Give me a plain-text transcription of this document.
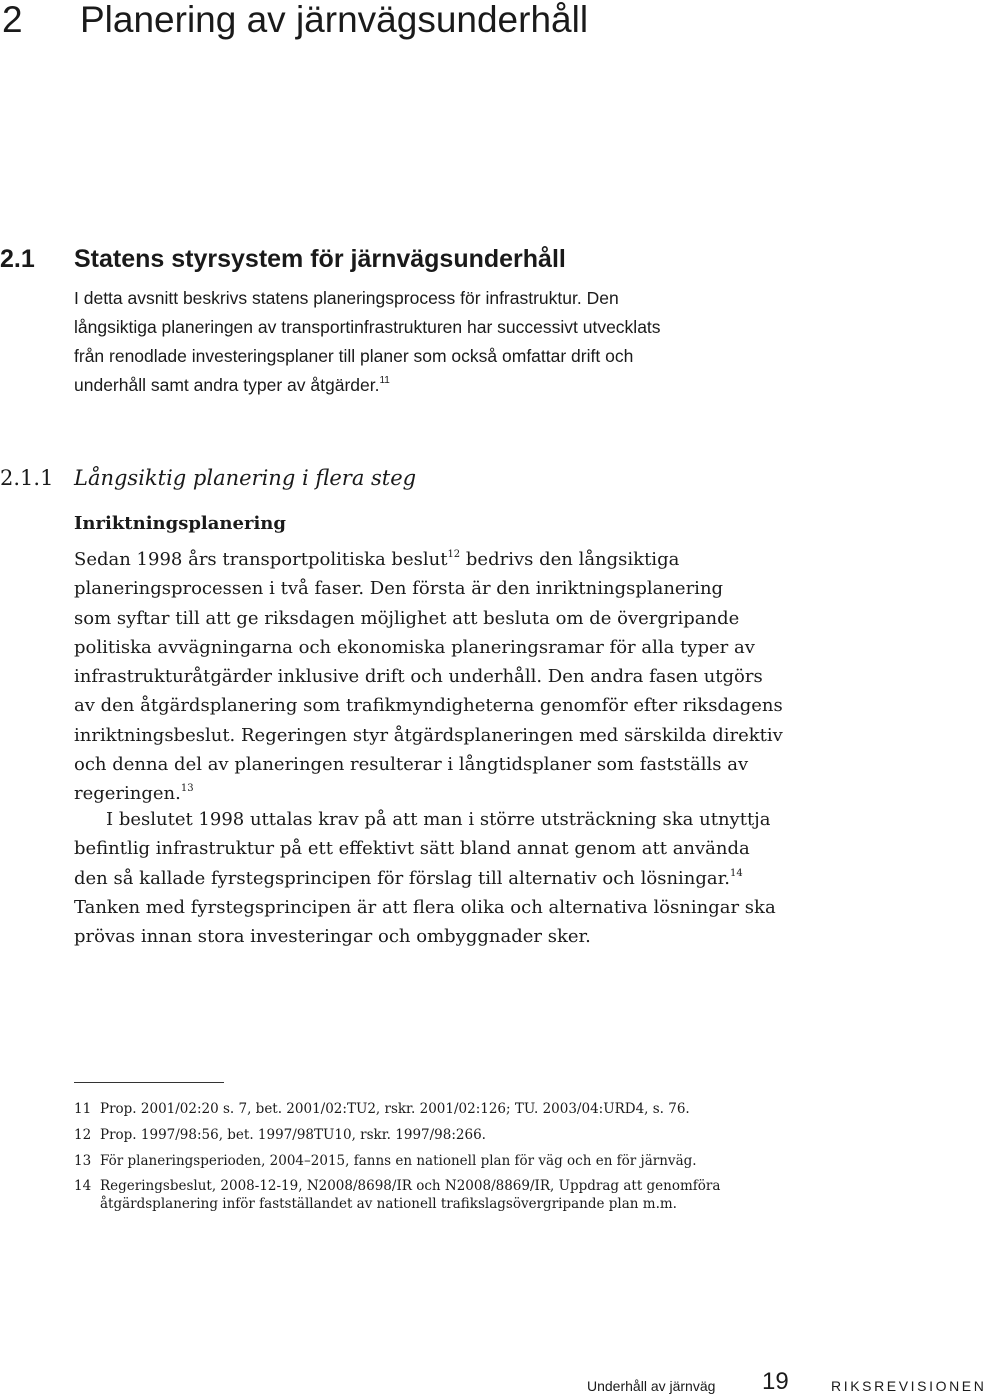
2 Planering av järnvägsunderhåll
2.1 Statens styrsystem för järnvägsunderhåll
I detta avsnitt beskrivs statens planeringsprocess för infrastruktur. Den
långsiktiga planeringen av transportinfrastrukturen har successivt utvecklats
från renodlade investeringsplaner till planer som också omfattar drift och
underhåll samt andra typer av åtgärder.$^{11}$
2.1.1 Långsiktig planering i flera steg
Inriktningsplanering
Sedan 1998 års transportpolitiska beslut$^{12}$ bedrivs den långsiktiga
planeringsprocessen i två faser. Den första är den inriktningsplanering
som syftar till att ge riksdagen möjlighet att besluta om de övergripande
politiska avvägningarna och ekonomiska planeringsramar för alla typer av
infrastrukturåtgärder inklusive drift och underhåll. Den andra fasen utgörs
av den åtgärdsplanering som trafikmyndigheterna genomför efter riksdagens
inriktningsbeslut. Regeringen styr åtgärdsplaneringen med särskilda direktiv
och denna del av planeringen resulterar i långtidsplaner som fastställs av
regeringen.$^{13}$
I beslutet 1998 uttalas krav på att man i större utsträckning ska utnyttja
befintlig infrastruktur på ett effektivt sätt bland annat genom att använda
den så kallade fyrstegsprincipen för förslag till alternativ och lösningar.$^{14}$
Tanken med fyrstegsprincipen är att flera olika och alternativa lösningar ska
prövas innan stora investeringar och ombyggnader sker.
11 Prop. 2001/02:20 s. 7, bet. 2001/02:TU2, rskr. 2001/02:126; TU. 2003/04:URD4, s. 76.
12 Prop. 1997/98:56, bet. 1997/98TU10, rskr. 1997/98:266.
13 För planeringsperioden, 2004–2015, fanns en nationell plan för väg och en för järnväg.
14 Regeringsbeslut, 2008-12-19, N2008/8698/IR och N2008/8869/IR, Uppdrag att genomföra
åtgärdsplanering inför fastställandet av nationell trafikslagsövergripande plan m.m.
Underhåll av järnväg 19	RIKSREVISIONEN
